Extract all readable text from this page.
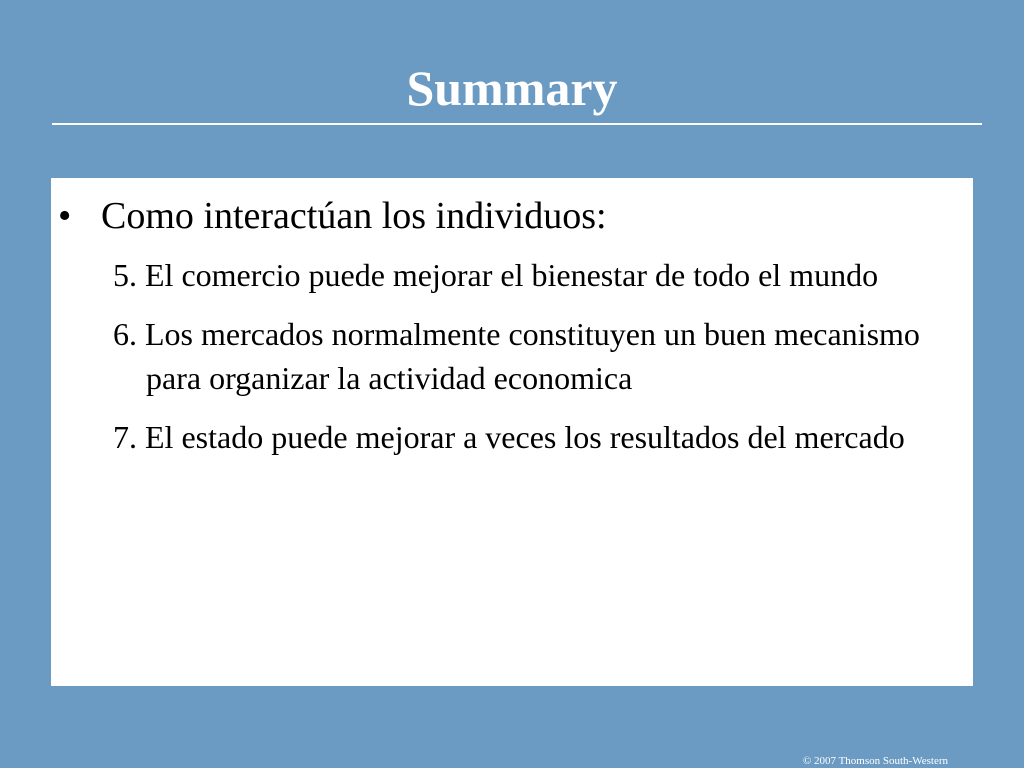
Summary
• Como interactúan los individuos:
5. El comercio puede mejorar el bienestar de todo el mundo
6. Los mercados normalmente constituyen un buen mecanismo para organizar la actividad economica
7. El estado puede mejorar a veces los resultados del mercado
© 2007 Thomson South-Western
